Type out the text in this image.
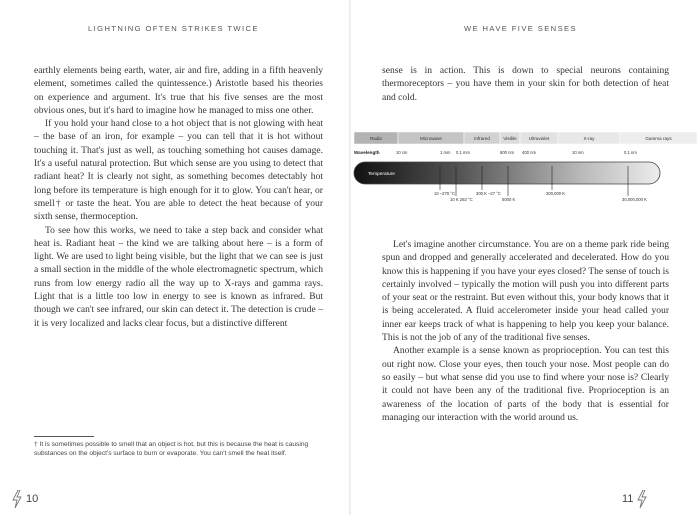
LIGHTNING OFTEN STRIKES TWICE

earthly elements being earth, water, air and fire, adding in a fifth heavenly element, sometimes called the quintessence.) Aristotle based his theories on experience and argument. It's true that his five senses are the most obvious ones, but it's hard to imagine how he managed to miss one other.

If you hold your hand close to a hot object that is not glowing with heat – the base of an iron, for example – you can tell that it is hot without touching it. That's just as well, as touching something hot causes damage. It's a useful natural protection. But which sense are you using to detect that radiant heat? It is clearly not sight, as something becomes detectably hot long before its temperature is high enough for it to glow. You can't hear, or smell† or taste the heat. You are able to detect the heat because of your sixth sense, thermoception.

To see how this works, we need to take a step back and consider what heat is. Radiant heat – the kind we are talking about here – is a form of light. We are used to light being visible, but the light that we can see is just a small section in the middle of the whole electromagnetic spectrum, which runs from low energy radio all the way up to X-rays and gamma rays. Light that is a little too low in energy to see is known as infrared. But though we can't see infrared, our skin can detect it. The detection is crude – it is very localized and lacks clear focus, but a distinctive different

† It is sometimes possible to smell that an object is hot, but this is because the heat is causing substances on the object's surface to burn or evaporate. You can't smell the heat itself.
10
WE HAVE FIVE SENSES

sense is in action. This is down to special neurons containing thermoreceptors – you have them in your skin for both detection of heat and cold.

Radio	Microwave	Infrared	Visible	Ultraviolet	X-ray	Gamma rays
Wavelength	10 cm	1 mm 0.1 mm	800 nm 400 nm	10 nm	0.1 nm
Temperature
10 –270 °C	300 K –27 °C	300,000 K
10 K 263 °C	5000 K	30,000,000 K

Let's imagine another circumstance. You are on a theme park ride being spun and dropped and generally accelerated and decelerated. How do you know this is happening if you have your eyes closed? The sense of touch is certainly involved – typically the motion will push you into different parts of your seat or the restraint. But even without this, your body knows that it is being accelerated. A fluid accelerometer inside your head called your inner ear keeps track of what is happening to help you keep your balance. This is not the job of any of the traditional five senses.

Another example is a sense known as proprioception. You can test this out right now. Close your eyes, then touch your nose. Most people can do so easily – but what sense did you use to find where your nose is? Clearly it could not have been any of the traditional five. Proprioception is an awareness of the location of parts of the body that is essential for managing our interaction with the world around us.

11
